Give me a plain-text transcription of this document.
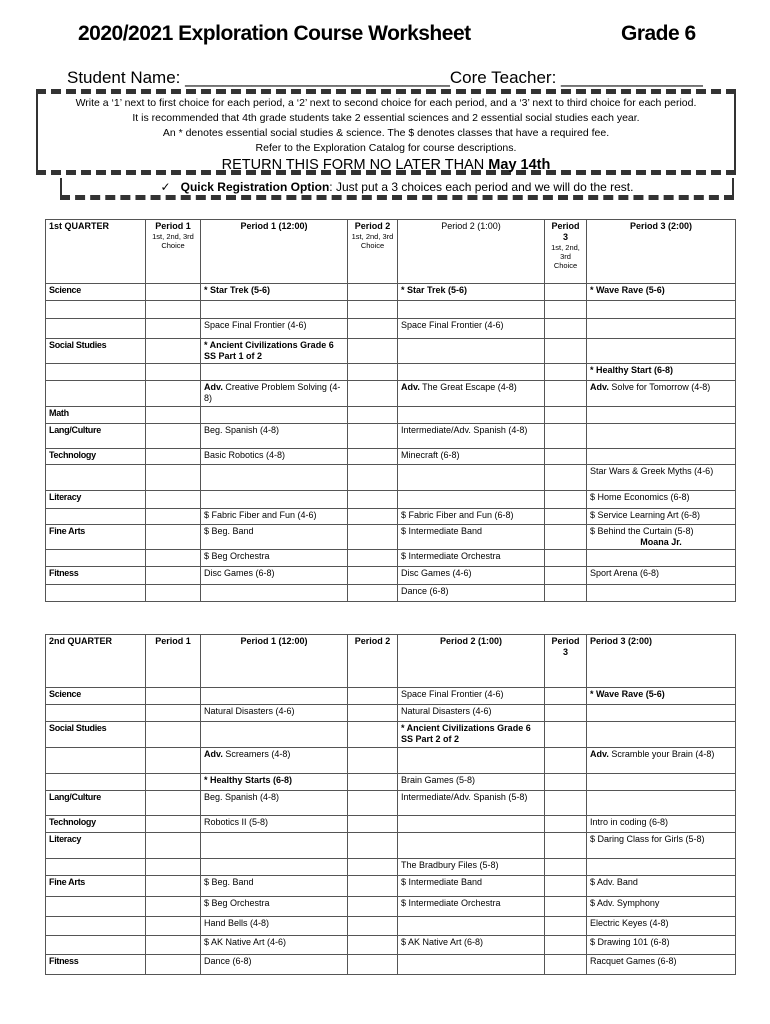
2020/2021 Exploration Course Worksheet	Grade 6
Student Name: ____________________________Core Teacher: _______________
Write a ‘1’ next to first choice for each period, a ‘2’ next to second choice for each period, and a ‘3’ next to third choice for each period.
It is recommended that 4th grade students take 2 essential sciences and 2 essential social studies each year.
An * denotes essential social studies & science. The $ denotes classes that have a required fee.
Refer to the Exploration Catalog for course descriptions.
RETURN THIS FORM NO LATER THAN May 14th
✓ Quick Registration Option: Just put a 3 choices each period and we will do the rest.
1st QUARTER	Period 1
1st, 2nd, 3rd Choice	Period 1 (12:00)	Period 2
1st, 2nd, 3rd Choice	Period 2 (1:00)	Period 3
1st, 2nd, 3rd Choice	Period 3 (2:00)
Science		* Star Trek (5-6)		* Star Trek (5-6)		* Wave Rave (5-6)

		Space Final Frontier (4-6)		Space Final Frontier (4-6)		
Social Studies		* Ancient Civilizations Grade 6 SS Part 1 of 2				
						* Healthy Start (6-8)
		Adv. Creative Problem Solving (4-8)		Adv. The Great Escape (4-8)		Adv. Solve for Tomorrow (4-8)
Math						
Lang/Culture		Beg. Spanish (4-8)		Intermediate/Adv. Spanish (4-8)		
Technology		Basic Robotics (4-8)		Minecraft (6-8)		
						Star Wars & Greek Myths (4-6)
Literacy						$ Home Economics (6-8)
		$ Fabric Fiber and Fun (4-6)		$ Fabric Fiber and Fun (6-8)		$ Service Learning Art (6-8)
Fine Arts		$ Beg. Band		$ Intermediate Band		$ Behind the Curtain (5-8)
Moana Jr.

		$ Beg Orchestra		$ Intermediate Orchestra		
Fitness		Disc Games (6-8)		Disc Games (4-6)		Sport Arena (6-8)
				Dance (6-8)		
2nd QUARTER	Period 1	Period 1 (12:00)	Period 2	Period 2 (1:00)	Period 3	Period 3 (2:00)
Science				Space Final Frontier (4-6)		* Wave Rave (5-6)
		Natural Disasters (4-6)		Natural Disasters (4-6)		
Social Studies				* Ancient Civilizations Grade 6 SS Part 2 of 2		
		Adv. Screamers (4-8)				Adv. Scramble your Brain (4-8)
		* Healthy Starts (6-8)		Brain Games (5-8)		
Lang/Culture		Beg. Spanish (4-8)		Intermediate/Adv. Spanish (5-8)		
Technology		Robotics II (5-8)				Intro in coding (6-8)
Literacy						$ Daring Class for Girls (5-8)
				The Bradbury Files (5-8)		
Fine Arts		$ Beg. Band		$ Intermediate Band		$ Adv. Band
		$ Beg Orchestra		$ Intermediate Orchestra		$ Adv. Symphony
		Hand Bells (4-8)				Electric Keyes (4-8)
		$ AK Native Art (4-6)		$ AK Native Art (6-8)		$ Drawing 101 (6-8)
Fitness		Dance (6-8)				Racquet Games (6-8)
